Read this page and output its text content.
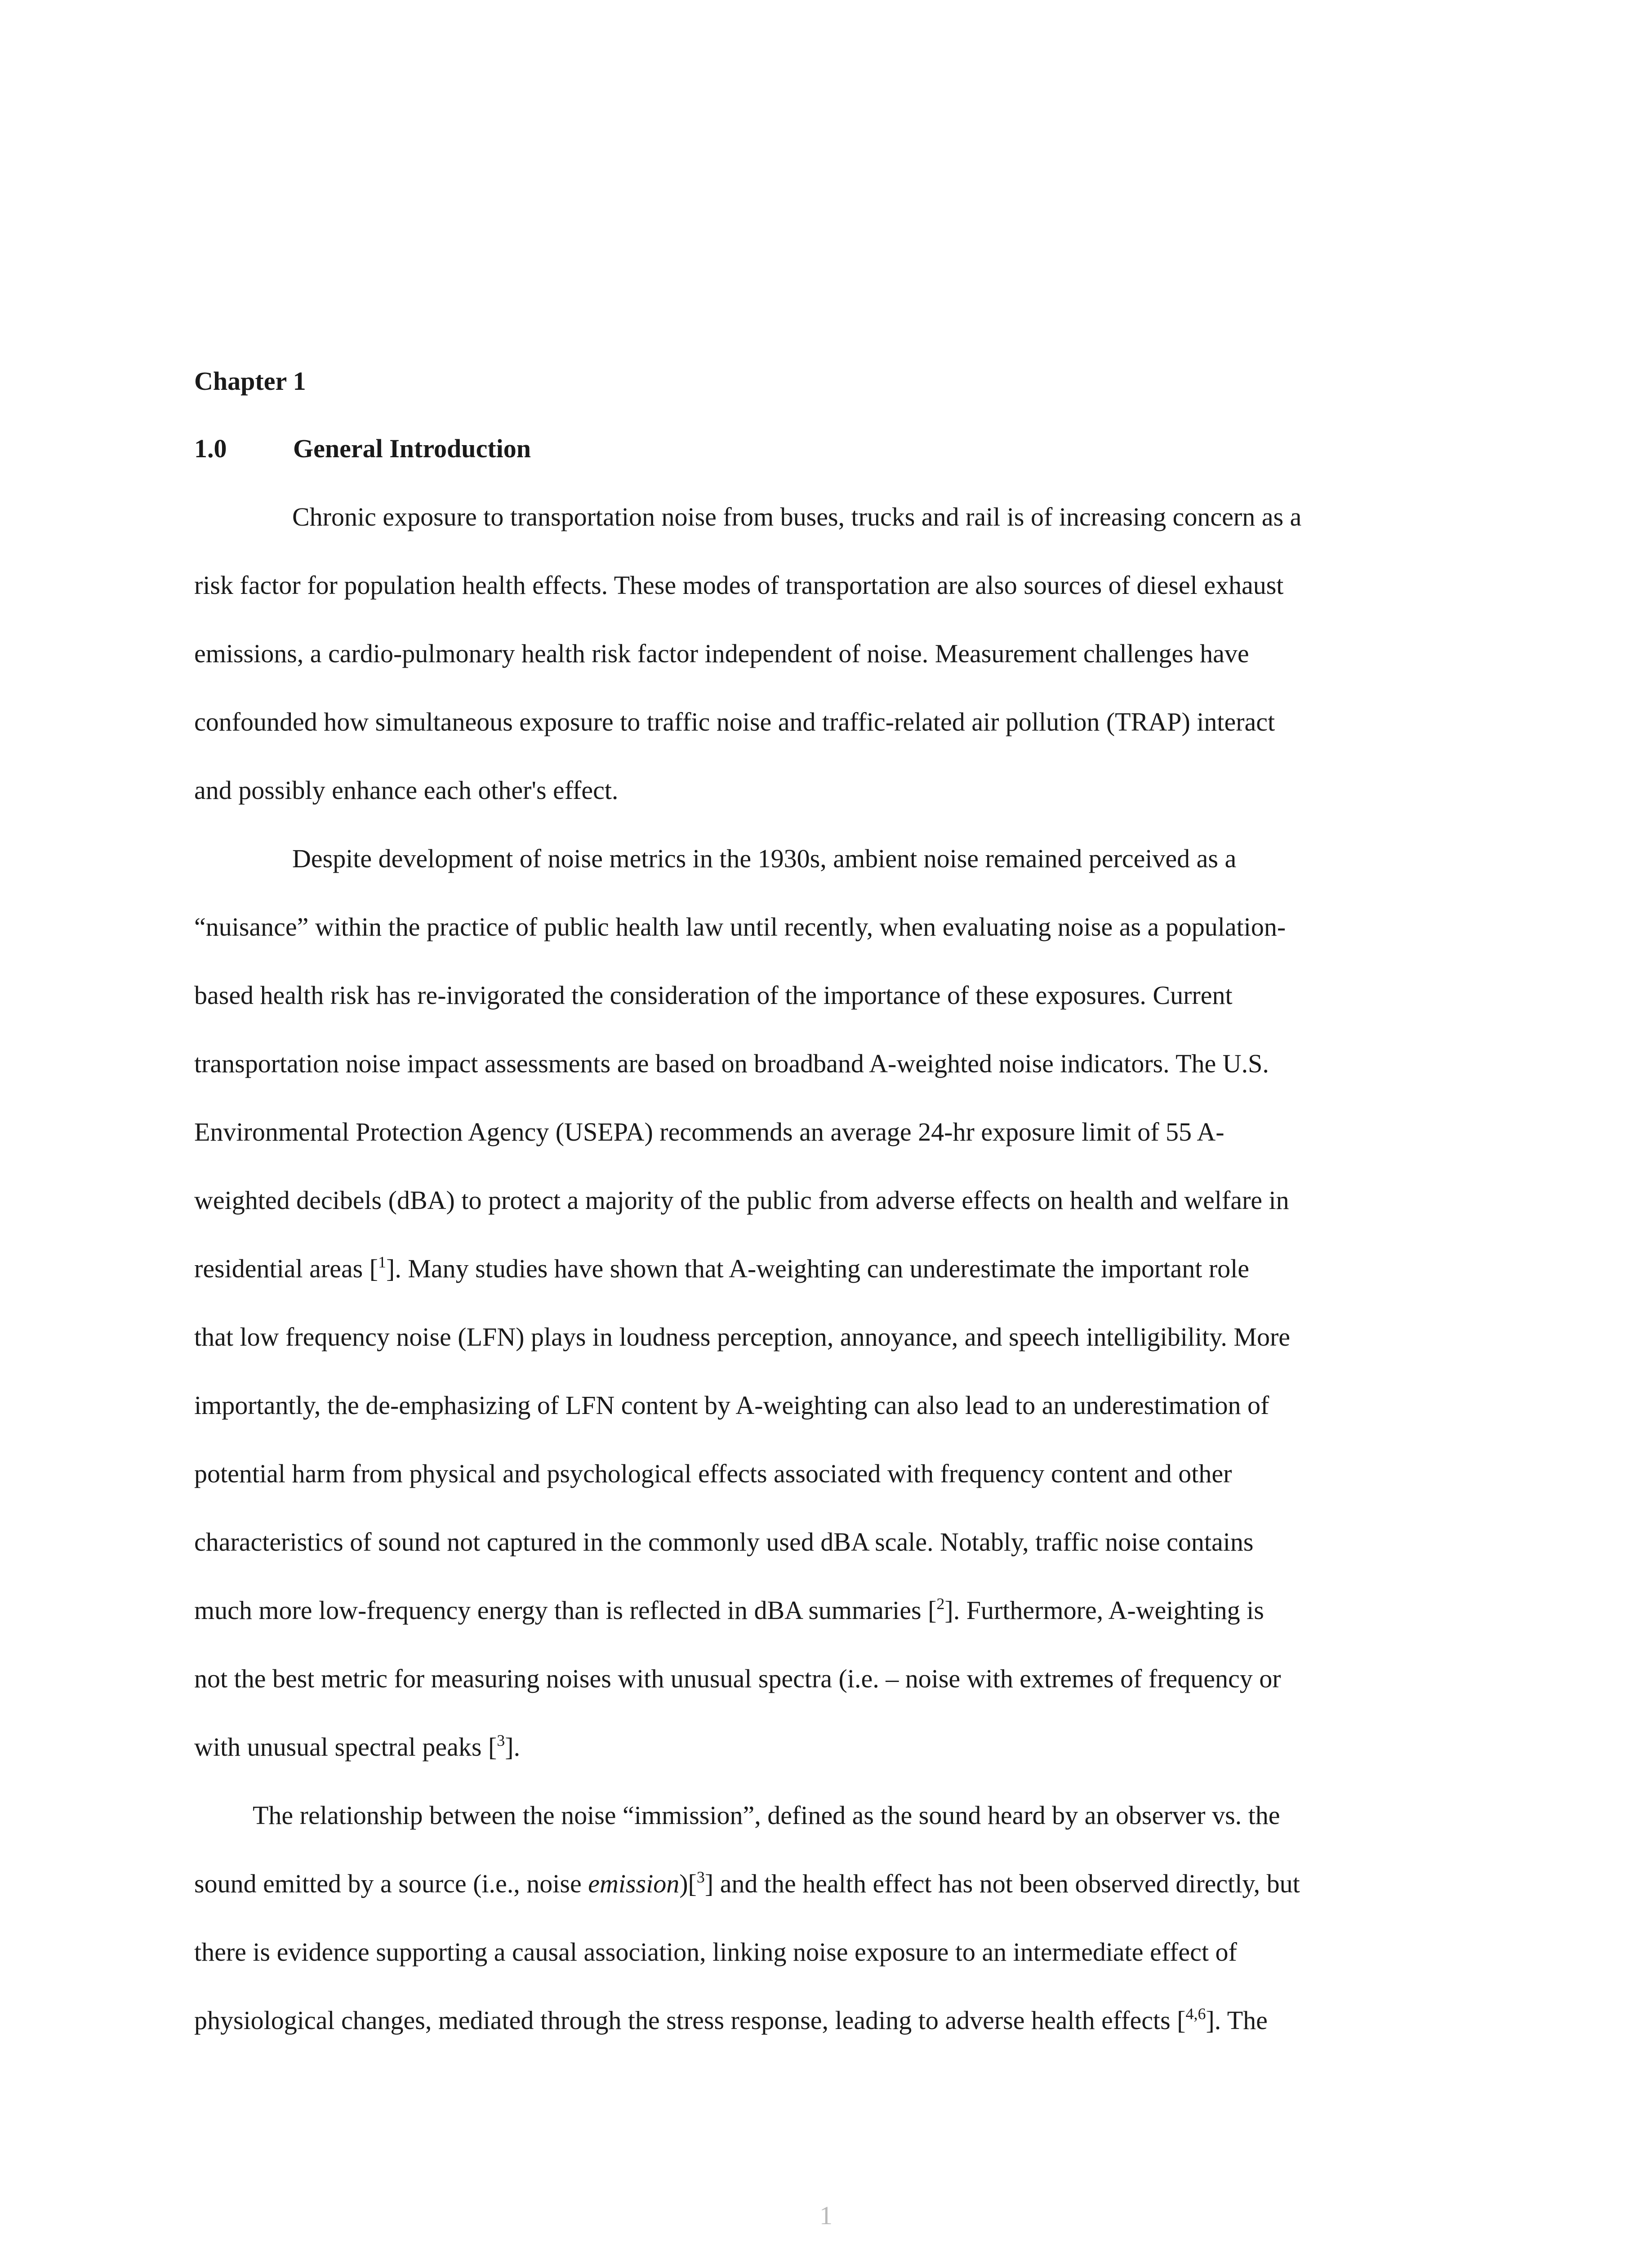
Chapter 1
1.0	General Introduction
Chronic exposure to transportation noise from buses, trucks and rail is of increasing concern as a
risk factor for population health effects. These modes of transportation are also sources of diesel exhaust
emissions, a cardio-pulmonary health risk factor independent of noise. Measurement challenges have
confounded how simultaneous exposure to traffic noise and traffic-related air pollution (TRAP) interact
and possibly enhance each other's effect.
Despite development of noise metrics in the 1930s, ambient noise remained perceived as a
“nuisance” within the practice of public health law until recently, when evaluating noise as a population-
based health risk has re-invigorated the consideration of the importance of these exposures. Current
transportation noise impact assessments are based on broadband A-weighted noise indicators. The U.S.
Environmental Protection Agency (USEPA) recommends an average 24-hr exposure limit of 55 A-
weighted decibels (dBA) to protect a majority of the public from adverse effects on health and welfare in
residential areas [$^1$]. Many studies have shown that A-weighting can underestimate the important role
that low frequency noise (LFN) plays in loudness perception, annoyance, and speech intelligibility. More
importantly, the de-emphasizing of LFN content by A-weighting can also lead to an underestimation of
potential harm from physical and psychological effects associated with frequency content and other
characteristics of sound not captured in the commonly used dBA scale. Notably, traffic noise contains
much more low-frequency energy than is reflected in dBA summaries [$^2$]. Furthermore, A-weighting is
not the best metric for measuring noises with unusual spectra (i.e. – noise with extremes of frequency or
with unusual spectral peaks [$^3$].
The relationship between the noise “immission”, defined as the sound heard by an observer vs. the
sound emitted by a source (i.e., noise emission)[$^3$] and the health effect has not been observed directly, but
there is evidence supporting a causal association, linking noise exposure to an intermediate effect of
physiological changes, mediated through the stress response, leading to adverse health effects [$^{4,6}$]. The
1
